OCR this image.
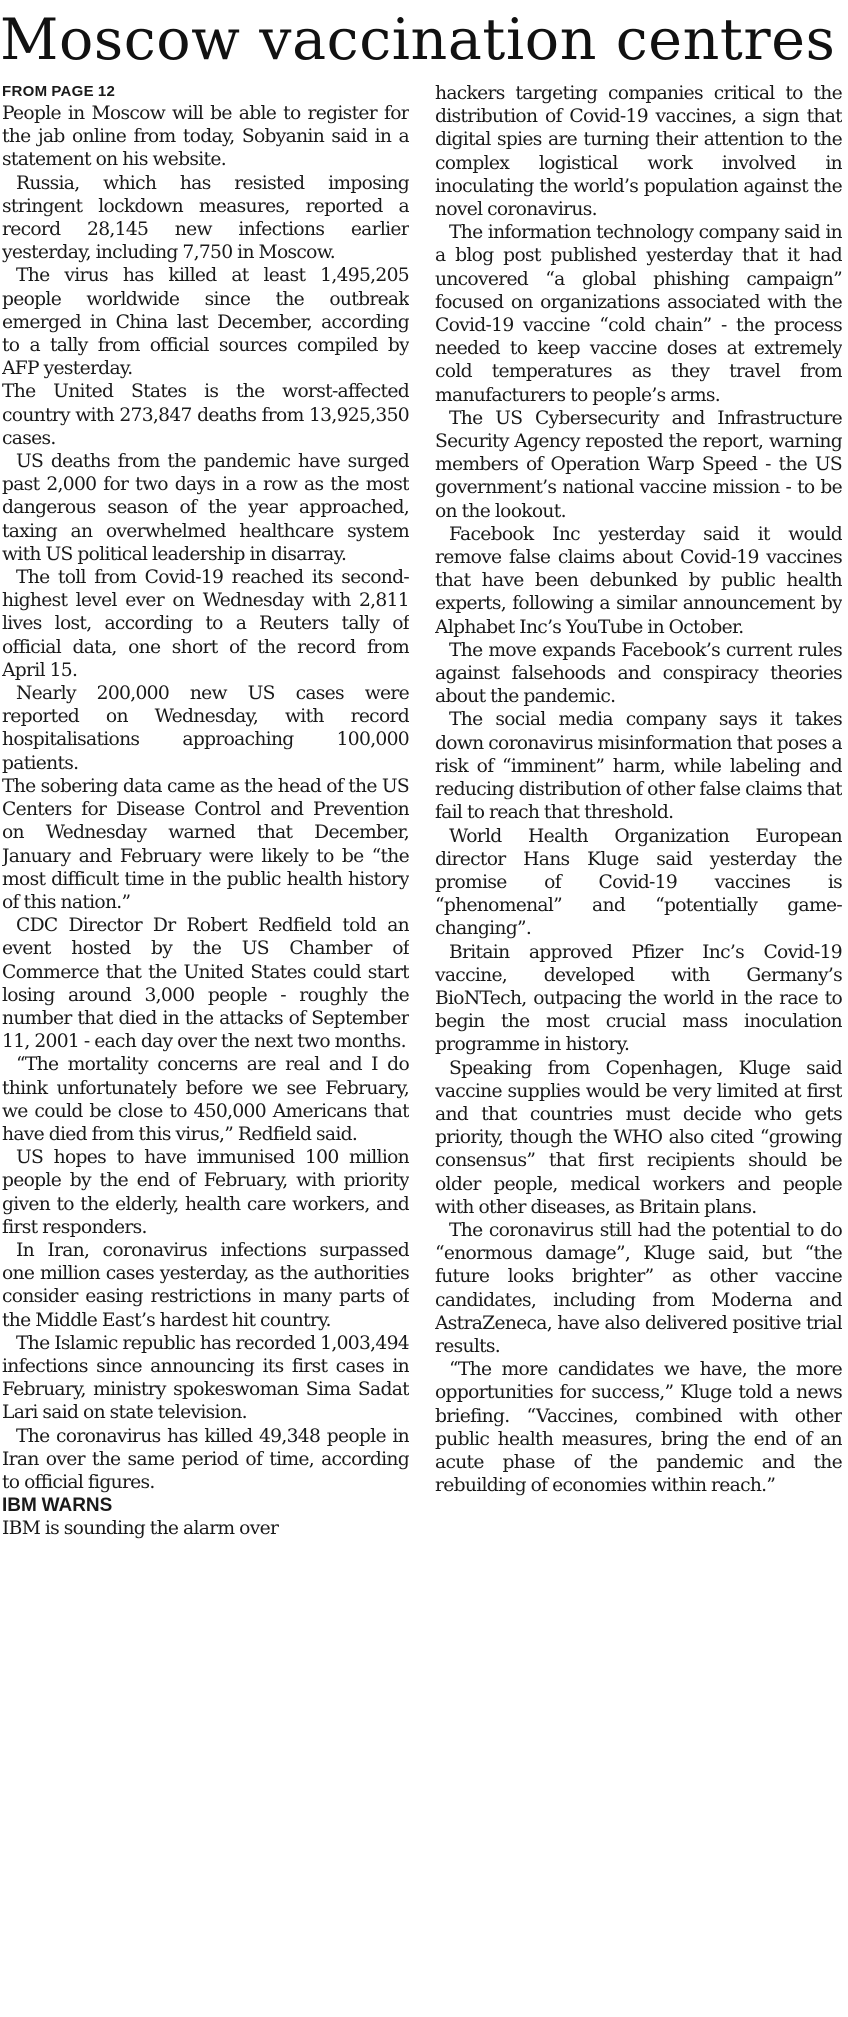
Moscow vaccination centres

FROM PAGE 12

People in Moscow will be able to register for the jab online from today, Sobyanin said in a statement on his website.

Russia, which has resisted imposing stringent lockdown measures, reported a record 28,145 new infections earlier yesterday, including 7,750 in Moscow.

The virus has killed at least 1,495,205 people worldwide since the outbreak emerged in China last December, according to a tally from official sources compiled by AFP yesterday.

The United States is the worst-affected country with 273,847 deaths from 13,925,350 cases.

US deaths from the pandemic have surged past 2,000 for two days in a row as the most dangerous season of the year approached, taxing an overwhelmed healthcare system with US political leadership in disarray.

The toll from Covid-19 reached its second-highest level ever on Wednesday with 2,811 lives lost, according to a Reuters tally of official data, one short of the record from April 15.

Nearly 200,000 new US cases were reported on Wednesday, with record hospitalisations approaching 100,000 patients.

The sobering data came as the head of the US Centers for Disease Control and Prevention on Wednesday warned that December, January and February were likely to be “the most difficult time in the public health history of this nation.”

CDC Director Dr Robert Redfield told an event hosted by the US Chamber of Commerce that the United States could start losing around 3,000 people - roughly the number that died in the attacks of September 11, 2001 - each day over the next two months.

“The mortality concerns are real and I do think unfortunately before we see February, we could be close to 450,000 Americans that have died from this virus,” Redfield said.

US hopes to have immunised 100 million people by the end of February, with priority given to the elderly, health care workers, and first responders.

In Iran, coronavirus infections surpassed one million cases yesterday, as the authorities consider easing restrictions in many parts of the Middle East’s hardest hit country.

The Islamic republic has recorded 1,003,494 infections since announcing its first cases in February, ministry spokeswoman Sima Sadat Lari said on state television.

The coronavirus has killed 49,348 people in Iran over the same period of time, according to official figures.

IBM WARNS

IBM is sounding the alarm over

hackers targeting companies critical to the distribution of Covid-19 vaccines, a sign that digital spies are turning their attention to the complex logistical work involved in inoculating the world’s population against the novel coronavirus.

The information technology company said in a blog post published yesterday that it had uncovered “a global phishing campaign” focused on organizations associated with the Covid-19 vaccine “cold chain” - the process needed to keep vaccine doses at extremely cold temperatures as they travel from manufacturers to people’s arms.

The US Cybersecurity and Infrastructure Security Agency reposted the report, warning members of Operation Warp Speed - the US government’s national vaccine mission - to be on the lookout.

Facebook Inc yesterday said it would remove false claims about Covid-19 vaccines that have been debunked by public health experts, following a similar announcement by Alphabet Inc’s YouTube in October.

The move expands Facebook’s current rules against falsehoods and conspiracy theories about the pandemic.

The social media company says it takes down coronavirus misinformation that poses a risk of “imminent” harm, while labeling and reducing distribution of other false claims that fail to reach that threshold.

World Health Organization European director Hans Kluge said yesterday the promise of Covid-19 vaccines is “phenomenal” and “potentially game-changing”.

Britain approved Pfizer Inc’s Covid-19 vaccine, developed with Germany’s BioNTech, outpacing the world in the race to begin the most crucial mass inoculation programme in history.

Speaking from Copenhagen, Kluge said vaccine supplies would be very limited at first and that countries must decide who gets priority, though the WHO also cited “growing consensus” that first recipients should be older people, medical workers and people with other diseases, as Britain plans.

The coronavirus still had the potential to do “enormous damage”, Kluge said, but “the future looks brighter” as other vaccine candidates, including from Moderna and AstraZeneca, have also delivered positive trial results.

“The more candidates we have, the more opportunities for success,” Kluge told a news briefing. “Vaccines, combined with other public health measures, bring the end of an acute phase of the pandemic and the rebuilding of economies within reach.”
